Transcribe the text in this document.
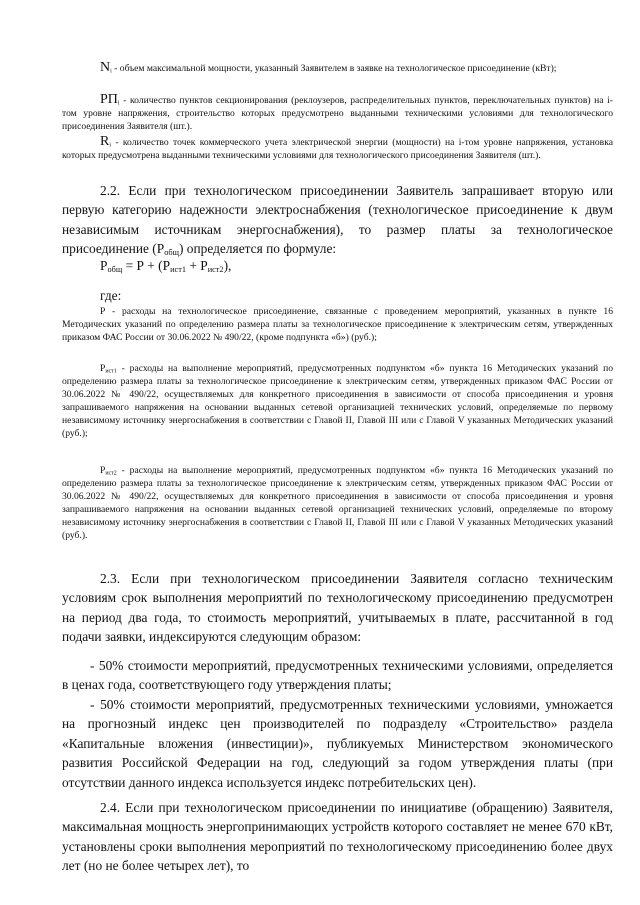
$N_i$ - объем максимальной мощности, указанный Заявителем в заявке на технологическое присоединение (кВт);
$РП_i$ - количество пунктов секционирования (реклоузеров, распределительных пунктов, переключательных пунктов) на i-том уровне напряжения, строительство которых предусмотрено выданными техническими условиями для технологического присоединения Заявителя (шт.).
$R_i$ - количество точек коммерческого учета электрической энергии (мощности) на i-том уровне напряжения, установка которых предусмотрена выданными техническими условиями для технологического присоединения Заявителя (шт.).
2.2. Если при технологическом присоединении Заявитель запрашивает вторую или первую категорию надежности электроснабжения (технологическое присоединение к двум независимым источникам энергоснабжения), то размер платы за технологическое присоединение $(Р_{общ})$ определяется по формуле:
$Р_{общ} = Р + (Р_{ист1} + Р_{ист2})$,
где:
Р - расходы на технологическое присоединение, связанные с проведением мероприятий, указанных в пункте 16 Методических указаний по определению размера платы за технологическое присоединение к электрическим сетям, утвержденных приказом ФАС России от 30.06.2022 № 490/22, (кроме подпункта «б») (руб.);
$Р_{ист1}$ - расходы на выполнение мероприятий, предусмотренных подпунктом «б» пункта 16 Методических указаний по определению размера платы за технологическое присоединение к электрическим сетям, утвержденных приказом ФАС России от 30.06.2022 № 490/22, осуществляемых для конкретного присоединения в зависимости от способа присоединения и уровня запрашиваемого напряжения на основании выданных сетевой организацией технических условий, определяемые по первому независимому источнику энергоснабжения в соответствии с Главой II, Главой III или с Главой V указанных Методических указаний (руб.);
$Р_{ист2}$ - расходы на выполнение мероприятий, предусмотренных подпунктом «б» пункта 16 Методических указаний по определению размера платы за технологическое присоединение к электрическим сетям, утвержденных приказом ФАС России от 30.06.2022 № 490/22, осуществляемых для конкретного присоединения в зависимости от способа присоединения и уровня запрашиваемого напряжения на основании выданных сетевой организацией технических условий, определяемые по второму независимому источнику энергоснабжения в соответствии с Главой II, Главой III или с Главой V указанных Методических указаний (руб.).
2.3. Если при технологическом присоединении Заявителя согласно техническим условиям срок выполнения мероприятий по технологическому присоединению предусмотрен на период два года, то стоимость мероприятий, учитываемых в плате, рассчитанной в год подачи заявки, индексируются следующим образом:
- 50% стоимости мероприятий, предусмотренных техническими условиями, определяется в ценах года, соответствующего году утверждения платы;
- 50% стоимости мероприятий, предусмотренных техническими условиями, умножается на прогнозный индекс цен производителей по подразделу «Строительство» раздела «Капитальные вложения (инвестиции)», публикуемых Министерством экономического развития Российской Федерации на год, следующий за годом утверждения платы (при отсутствии данного индекса используется индекс потребительских цен).
2.4. Если при технологическом присоединении по инициативе (обращению) Заявителя, максимальная мощность энергопринимающих устройств которого составляет не менее 670 кВт, установлены сроки выполнения мероприятий по технологическому присоединению более двух лет (но не более четырех лет), то
